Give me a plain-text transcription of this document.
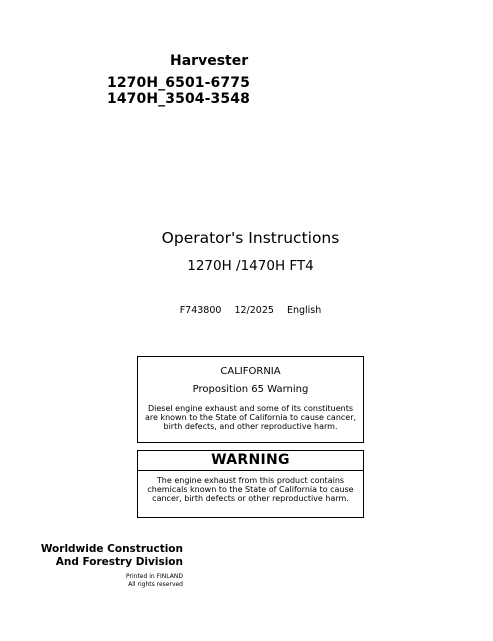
Harvester
1270H_6501-6775
1470H_3504-3548
Operator's Instructions
1270H /1470H FT4
F743800 12/2025 English
CALIFORNIA
Proposition 65 Warning
Diesel engine exhaust and some of its constituents are known to the State of California to cause cancer, birth defects, and other reproductive harm.
WARNING
The engine exhaust from this product contains chemicals known to the State of California to cause cancer, birth defects or other reproductive harm.
Worldwide Construction
And Forestry Division
Printed in FINLAND
All rights reserved
